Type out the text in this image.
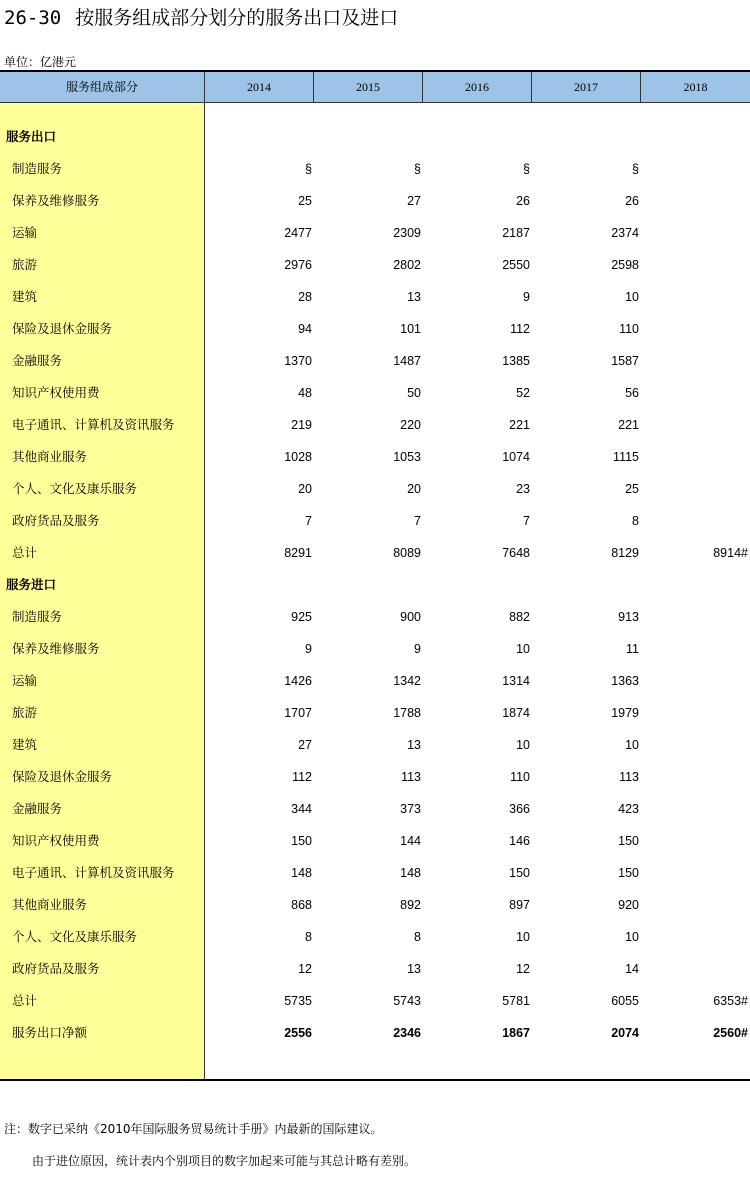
26-30 按服务组成部分划分的服务出口及进口
单位：亿港元
服务组成部分	2014	2015	2016	2017	2018
服务出口
制造服务	§	§	§	§
保养及维修服务	25	27	26	26
运输	2477	2309	2187	2374
旅游	2976	2802	2550	2598
建筑	28	13	9	10
保险及退休金服务	94	101	112	110
金融服务	1370	1487	1385	1587
知识产权使用费	48	50	52	56
电子通讯、计算机及资讯服务	219	220	221	221
其他商业服务	1028	1053	1074	1115
个人、文化及康乐服务	20	20	23	25
政府货品及服务	7	7	7	8
总计	8291	8089	7648	8129	8914#
服务进口
制造服务	925	900	882	913
保养及维修服务	9	9	10	11
运输	1426	1342	1314	1363
旅游	1707	1788	1874	1979
建筑	27	13	10	10
保险及退休金服务	112	113	110	113
金融服务	344	373	366	423
知识产权使用费	150	144	146	150
电子通讯、计算机及资讯服务	148	148	150	150
其他商业服务	868	892	897	920
个人、文化及康乐服务	8	8	10	10
政府货品及服务	12	13	12	14
总计	5735	5743	5781	6055	6353#
服务出口净额	2556	2346	1867	2074	2560#
注：数字已采纳《2010年国际服务贸易统计手册》内最新的国际建议。
由于进位原因，统计表内个别项目的数字加起来可能与其总计略有差别。
